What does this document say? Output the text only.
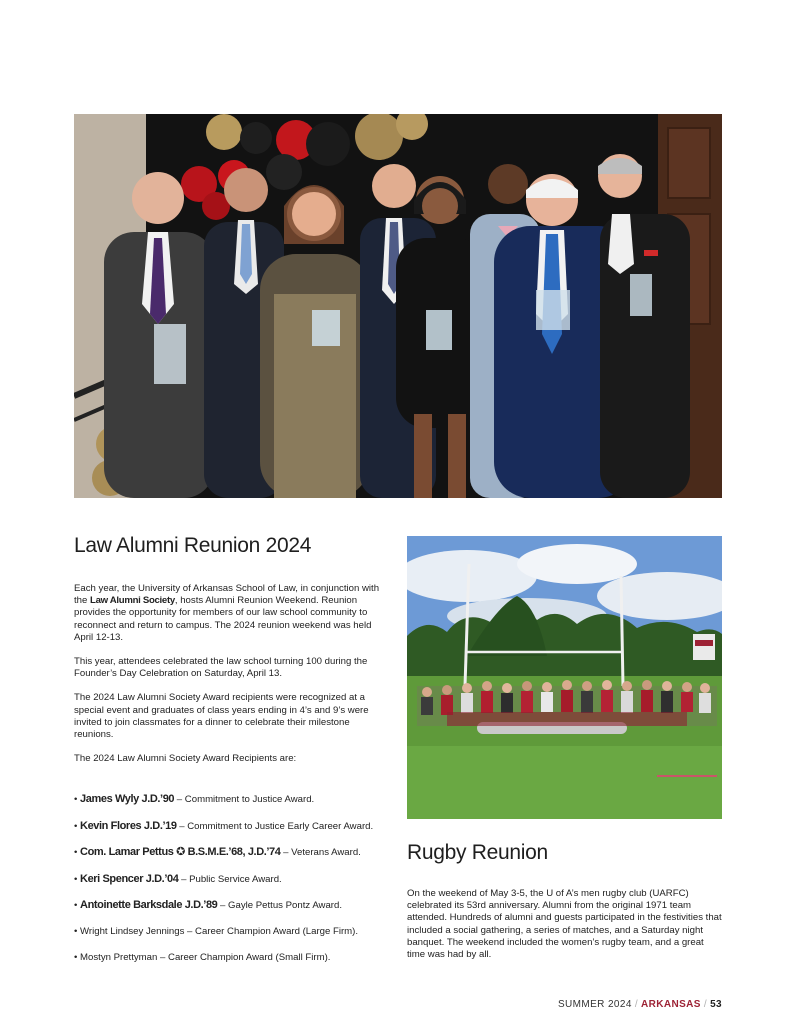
Law Alumni Reunion 2024

Each year, the University of Arkansas School of Law, in conjunction with the Law Alumni Society, hosts Alumni Reunion Weekend. Reunion provides the opportunity for members of our law school community to reconnect and return to campus. The 2024 reunion weekend was held April 12-13.

This year, attendees celebrated the law school turning 100 during the Founder’s Day Celebration on Saturday, April 13.

The 2024 Law Alumni Society Award recipients were recognized at a special event and graduates of class years ending in 4’s and 9’s were invited to join classmates for a dinner to celebrate their milestone reunions.

The 2024 Law Alumni Society Award Recipients are:

• James Wyly J.D.’90 – Commitment to Justice Award.
• Kevin Flores J.D.’19 – Commitment to Justice Early Career Award.
• Com. Lamar Pettus ✪ B.S.M.E.’68, J.D.’74 – Veterans Award.
• Keri Spencer J.D.’04 – Public Service Award.
• Antoinette Barksdale J.D.’89 – Gayle Pettus Pontz Award.
• Wright Lindsey Jennings – Career Champion Award (Large Firm).
• Mostyn Prettyman – Career Champion Award (Small Firm).
Rugby Reunion

On the weekend of May 3-5, the U of A’s men rugby club (UARFC) celebrated its 53rd anniversary. Alumni from the original 1971 team attended. Hundreds of alumni and guests participated in the festivities that included a social gathering, a series of matches, and a Saturday night banquet. The weekend included the women’s rugby team, and a great time was had by all.

SUMMER 2024 / ARKANSAS / 53
